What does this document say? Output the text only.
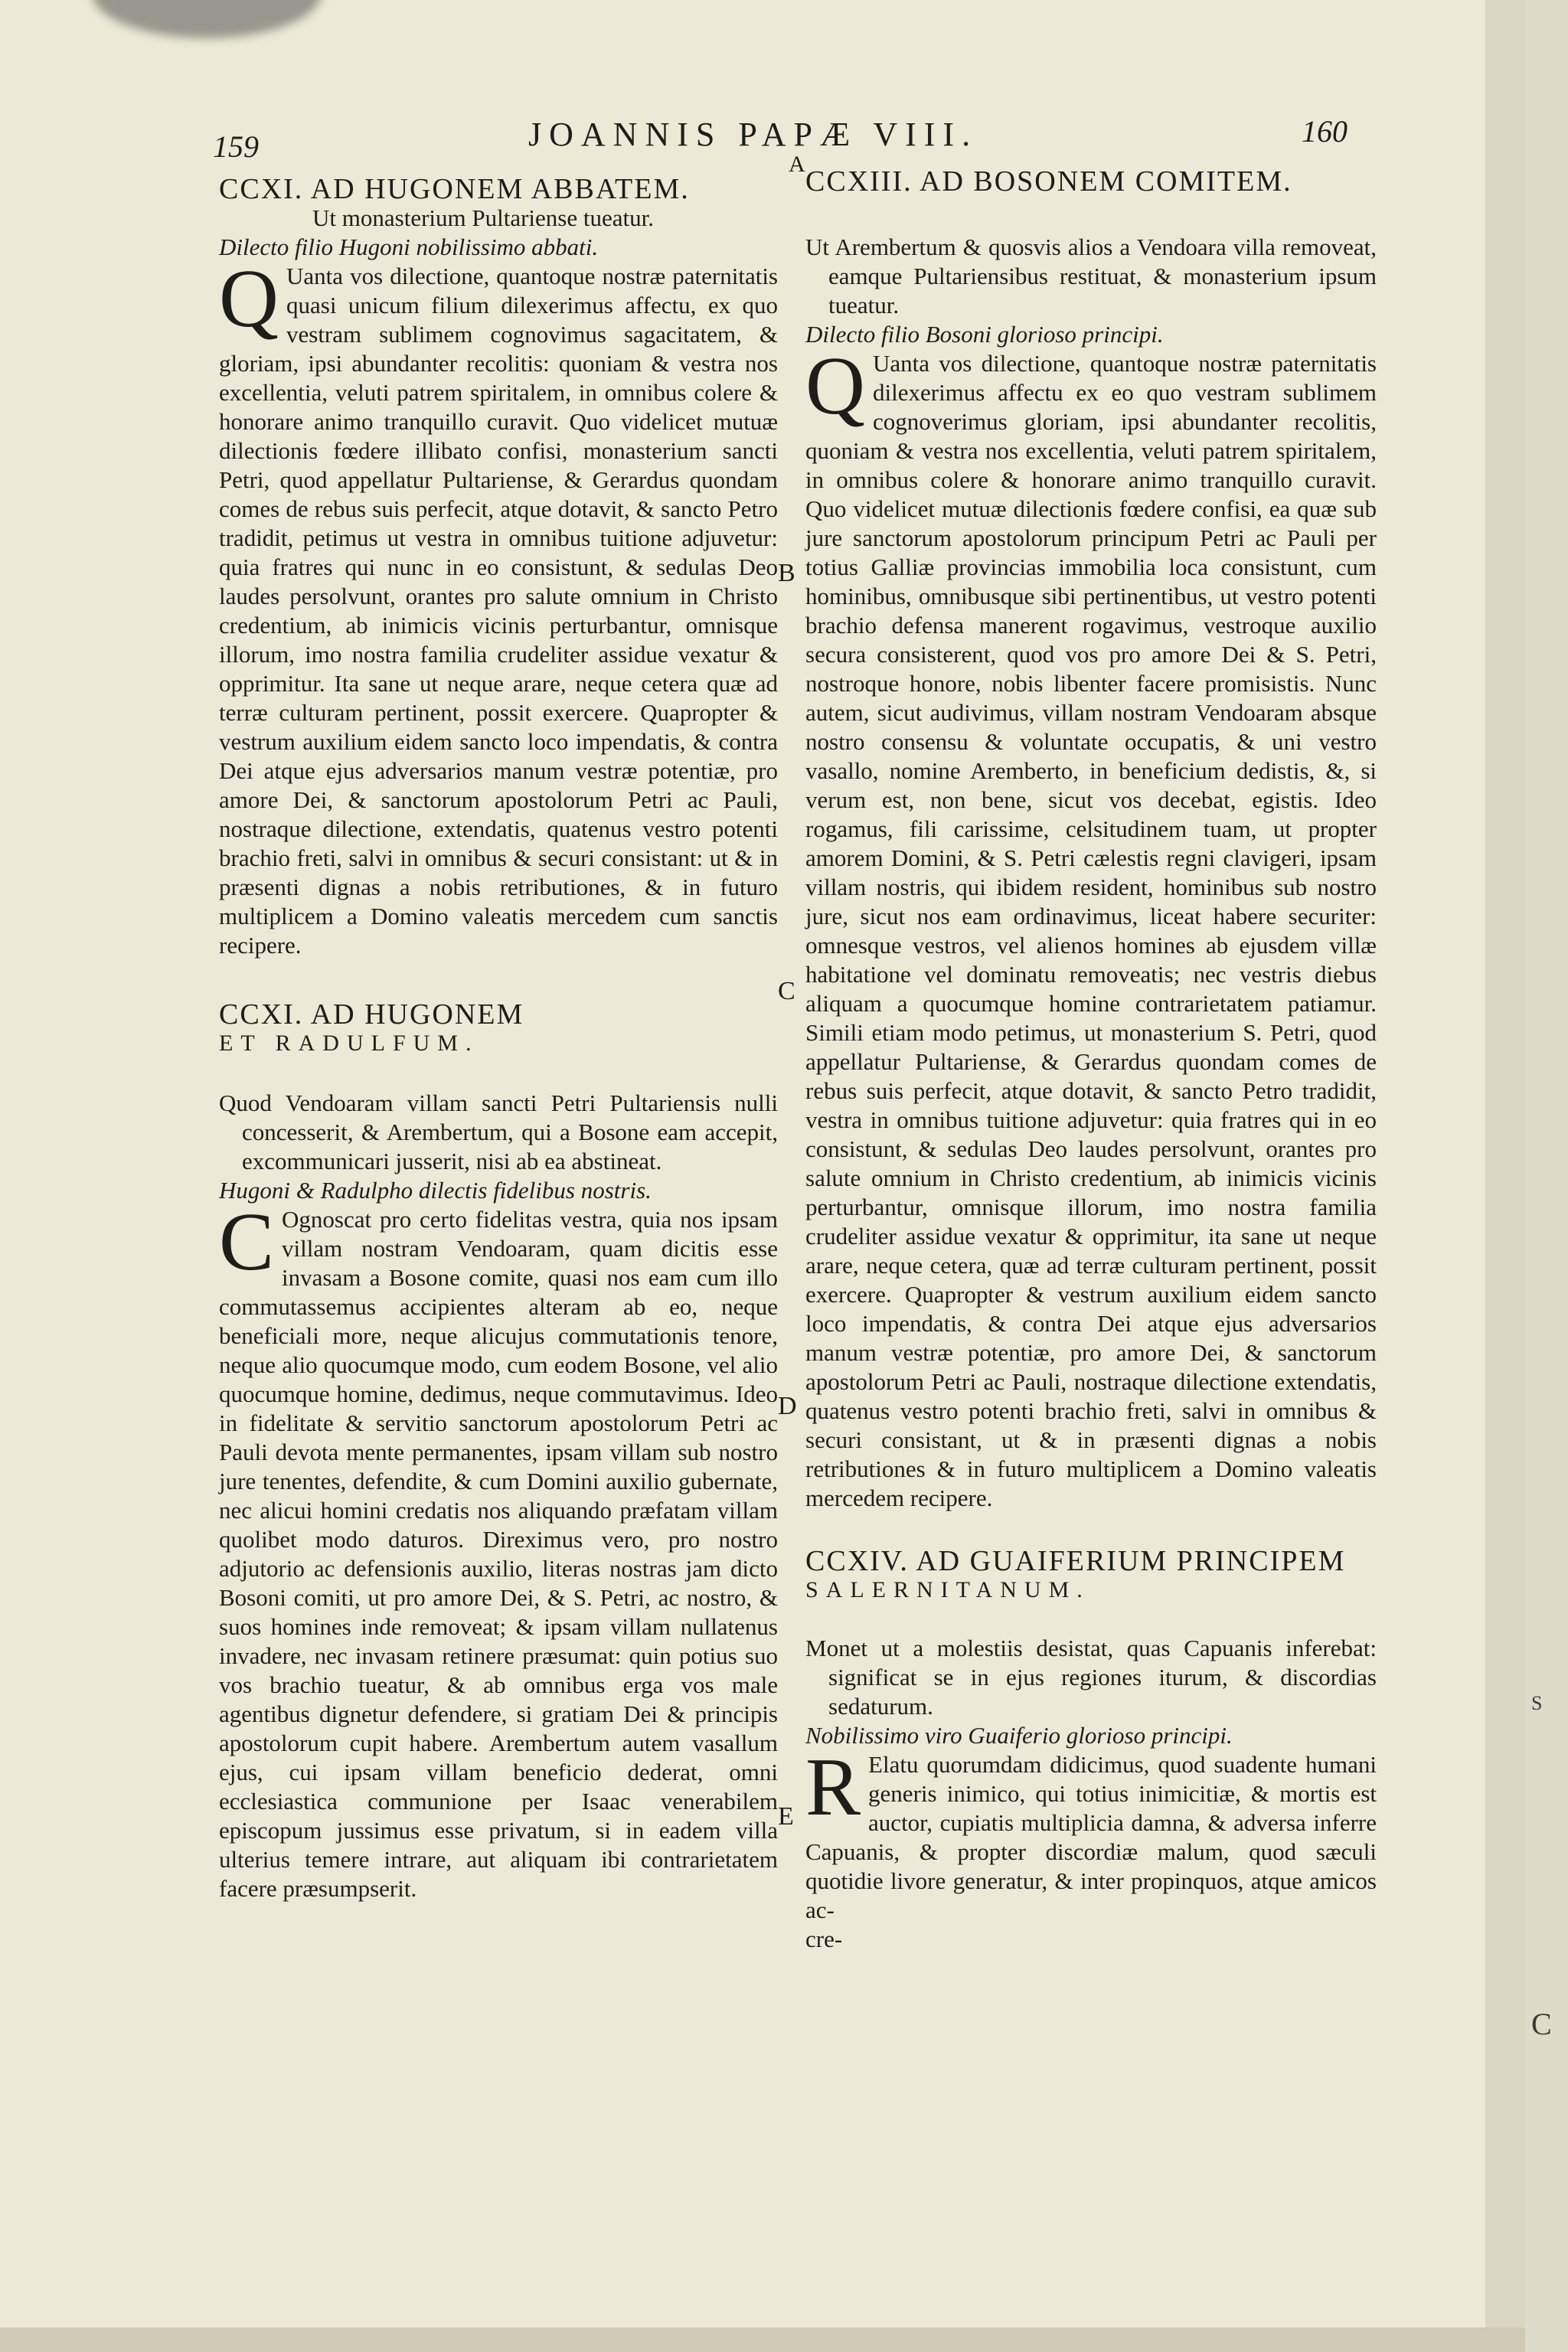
159	JOANNIS PAPÆ VIII.
A
160
B
C
D
E

CCXI. AD HUGONEM ABBATEM.

Ut monasterium Pultariense tueatur.

Dilecto filio Hugoni nobilissimo abbati.

Q Uanta vos dilectione, quantoque nostræ paternitatis quasi unicum filium dilexerimus affectu, ex quo vestram sublimem cognovimus sagacitatem, & gloriam, ipsi abundanter recolitis: quoniam & vestra nos excellentia, veluti patrem spiritalem, in omnibus colere & honorare animo tranquillo curavit. Quo videlicet mutuæ dilectionis fœdere illibato confisi, monasterium sancti Petri, quod appellatur Pultariense, & Gerardus quondam comes de rebus suis perfecit, atque dotavit, & sancto Petro tradidit, petimus ut vestra in omnibus tuitione adjuvetur: quia fratres qui nunc in eo consistunt, & sedulas Deo laudes persolvunt, orantes pro salute omnium in Christo credentium, ab inimicis vicinis perturbantur, omnisque illorum, imo nostra familia crudeliter assidue vexatur & opprimitur. Ita sane ut neque arare, neque cetera quæ ad terræ culturam pertinent, possit exercere. Quapropter & vestrum auxilium eidem sancto loco impendatis, & contra Dei atque ejus adversarios manum vestræ potentiæ, pro amore Dei, & sanctorum apostolorum Petri ac Pauli, nostraque dilectione, extendatis, quatenus vestro potenti brachio freti, salvi in omnibus & securi consistant: ut & in præsenti dignas a nobis retributiones, & in futuro multiplicem a Domino valeatis mercedem cum sanctis recipere.

CCXI. AD HUGONEM

ET RADULFUM.

Quod Vendoaram villam sancti Petri Pultariensis nulli concesserit, & Arembertum, qui a Bosone eam accepit, excommunicari jusserit, nisi ab ea abstineat.

Hugoni & Radulpho dilectis fidelibus nostris.

C Ognoscat pro certo fidelitas vestra, quia nos ipsam villam nostram Vendoaram, quam dicitis esse invasam a Bosone comite, quasi nos eam cum illo commutassemus accipientes alteram ab eo, neque beneficiali more, neque alicujus commutationis tenore, neque alio quocumque modo, cum eodem Bosone, vel alio quocumque homine, dedimus, neque commutavimus. Ideo in fidelitate & servitio sanctorum apostolorum Petri ac Pauli devota mente permanentes, ipsam villam sub nostro jure tenentes, defendite, & cum Domini auxilio gubernate, nec alicui homini credatis nos aliquando præfatam villam quolibet modo daturos. Direximus vero, pro nostro adjutorio ac defensionis auxilio, literas nostras jam dicto Bosoni comiti, ut pro amore Dei, & S. Petri, ac nostro, & suos homines inde removeat; & ipsam villam nullatenus invadere, nec invasam retinere præsumat: quin potius suo vos brachio tueatur, & ab omnibus erga vos male agentibus dignetur defendere, si gratiam Dei & principis apostolorum cupit habere. Arembertum autem vasallum ejus, cui ipsam villam beneficio dederat, omni ecclesiastica communione per Isaac venerabilem episcopum jussimus esse privatum, si in eadem villa ulterius temere intrare, aut aliquam ibi contrarietatem facere præsumpserit.

CCXIII. AD BOSONEM COMITEM.

Ut Arembertum & quosvis alios a Vendoara villa removeat, eamque Pultariensibus restituat, & monasterium ipsum tueatur.

Dilecto filio Bosoni glorioso principi.

Q Uanta vos dilectione, quantoque nostræ paternitatis dilexerimus affectu ex eo quo vestram sublimem cognoverimus gloriam, ipsi abundanter recolitis, quoniam & vestra nos excellentia, veluti patrem spiritalem, in omnibus colere & honorare animo tranquillo curavit. Quo videlicet mutuæ dilectionis fœdere confisi, ea quæ sub jure sanctorum apostolorum principum Petri ac Pauli per totius Galliæ provincias immobilia loca consistunt, cum hominibus, omnibusque sibi pertinentibus, ut vestro potenti brachio defensa manerent rogavimus, vestroque auxilio secura consisterent, quod vos pro amore Dei & S. Petri, nostroque honore, nobis libenter facere promisistis. Nunc autem, sicut audivimus, villam nostram Vendoaram absque nostro consensu & voluntate occupatis, & uni vestro vasallo, nomine Aremberto, in beneficium dedistis, &, si verum est, non bene, sicut vos decebat, egistis. Ideo rogamus, fili carissime, celsitudinem tuam, ut propter amorem Domini, & S. Petri cælestis regni clavigeri, ipsam villam nostris, qui ibidem resident, hominibus sub nostro jure, sicut nos eam ordinavimus, liceat habere securiter: omnesque vestros, vel alienos homines ab ejusdem villæ habitatione vel dominatu removeatis; nec vestris diebus aliquam a quocumque homine contrarietatem patiamur. Simili etiam modo petimus, ut monasterium S. Petri, quod appellatur Pultariense, & Gerardus quondam comes de rebus suis perfecit, atque dotavit, & sancto Petro tradidit, vestra in omnibus tuitione adjuvetur: quia fratres qui in eo consistunt, & sedulas Deo laudes persolvunt, orantes pro salute omnium in Christo credentium, ab inimicis vicinis perturbantur, omnisque illorum, imo nostra familia crudeliter assidue vexatur & opprimitur, ita sane ut neque arare, neque cetera, quæ ad terræ culturam pertinent, possit exercere. Quapropter & vestrum auxilium eidem sancto loco impendatis, & contra Dei atque ejus adversarios manum vestræ potentiæ, pro amore Dei, & sanctorum apostolorum Petri ac Pauli, nostraque dilectione extendatis, quatenus vestro potenti brachio freti, salvi in omnibus & securi consistant, ut & in præsenti dignas a nobis retributiones & in futuro multiplicem a Domino valeatis mercedem recipere.

CCXIV. AD GUAIFERIUM PRINCIPEM

SALERNITANUM.

Monet ut a molestiis desistat, quas Capuanis inferebat: significat se in ejus regiones iturum, & discordias sedaturum.

Nobilissimo viro Guaiferio glorioso principi.

R Elatu quorumdam didicimus, quod suadente humani generis inimico, qui totius inimicitiæ, & mortis est auctor, cupiatis multiplicia damna, & adversa inferre Capuanis, & propter discordiæ malum, quod sæculi quotidie livore generatur, & inter propinquos, atque amicos ac-

cre-

S
C
